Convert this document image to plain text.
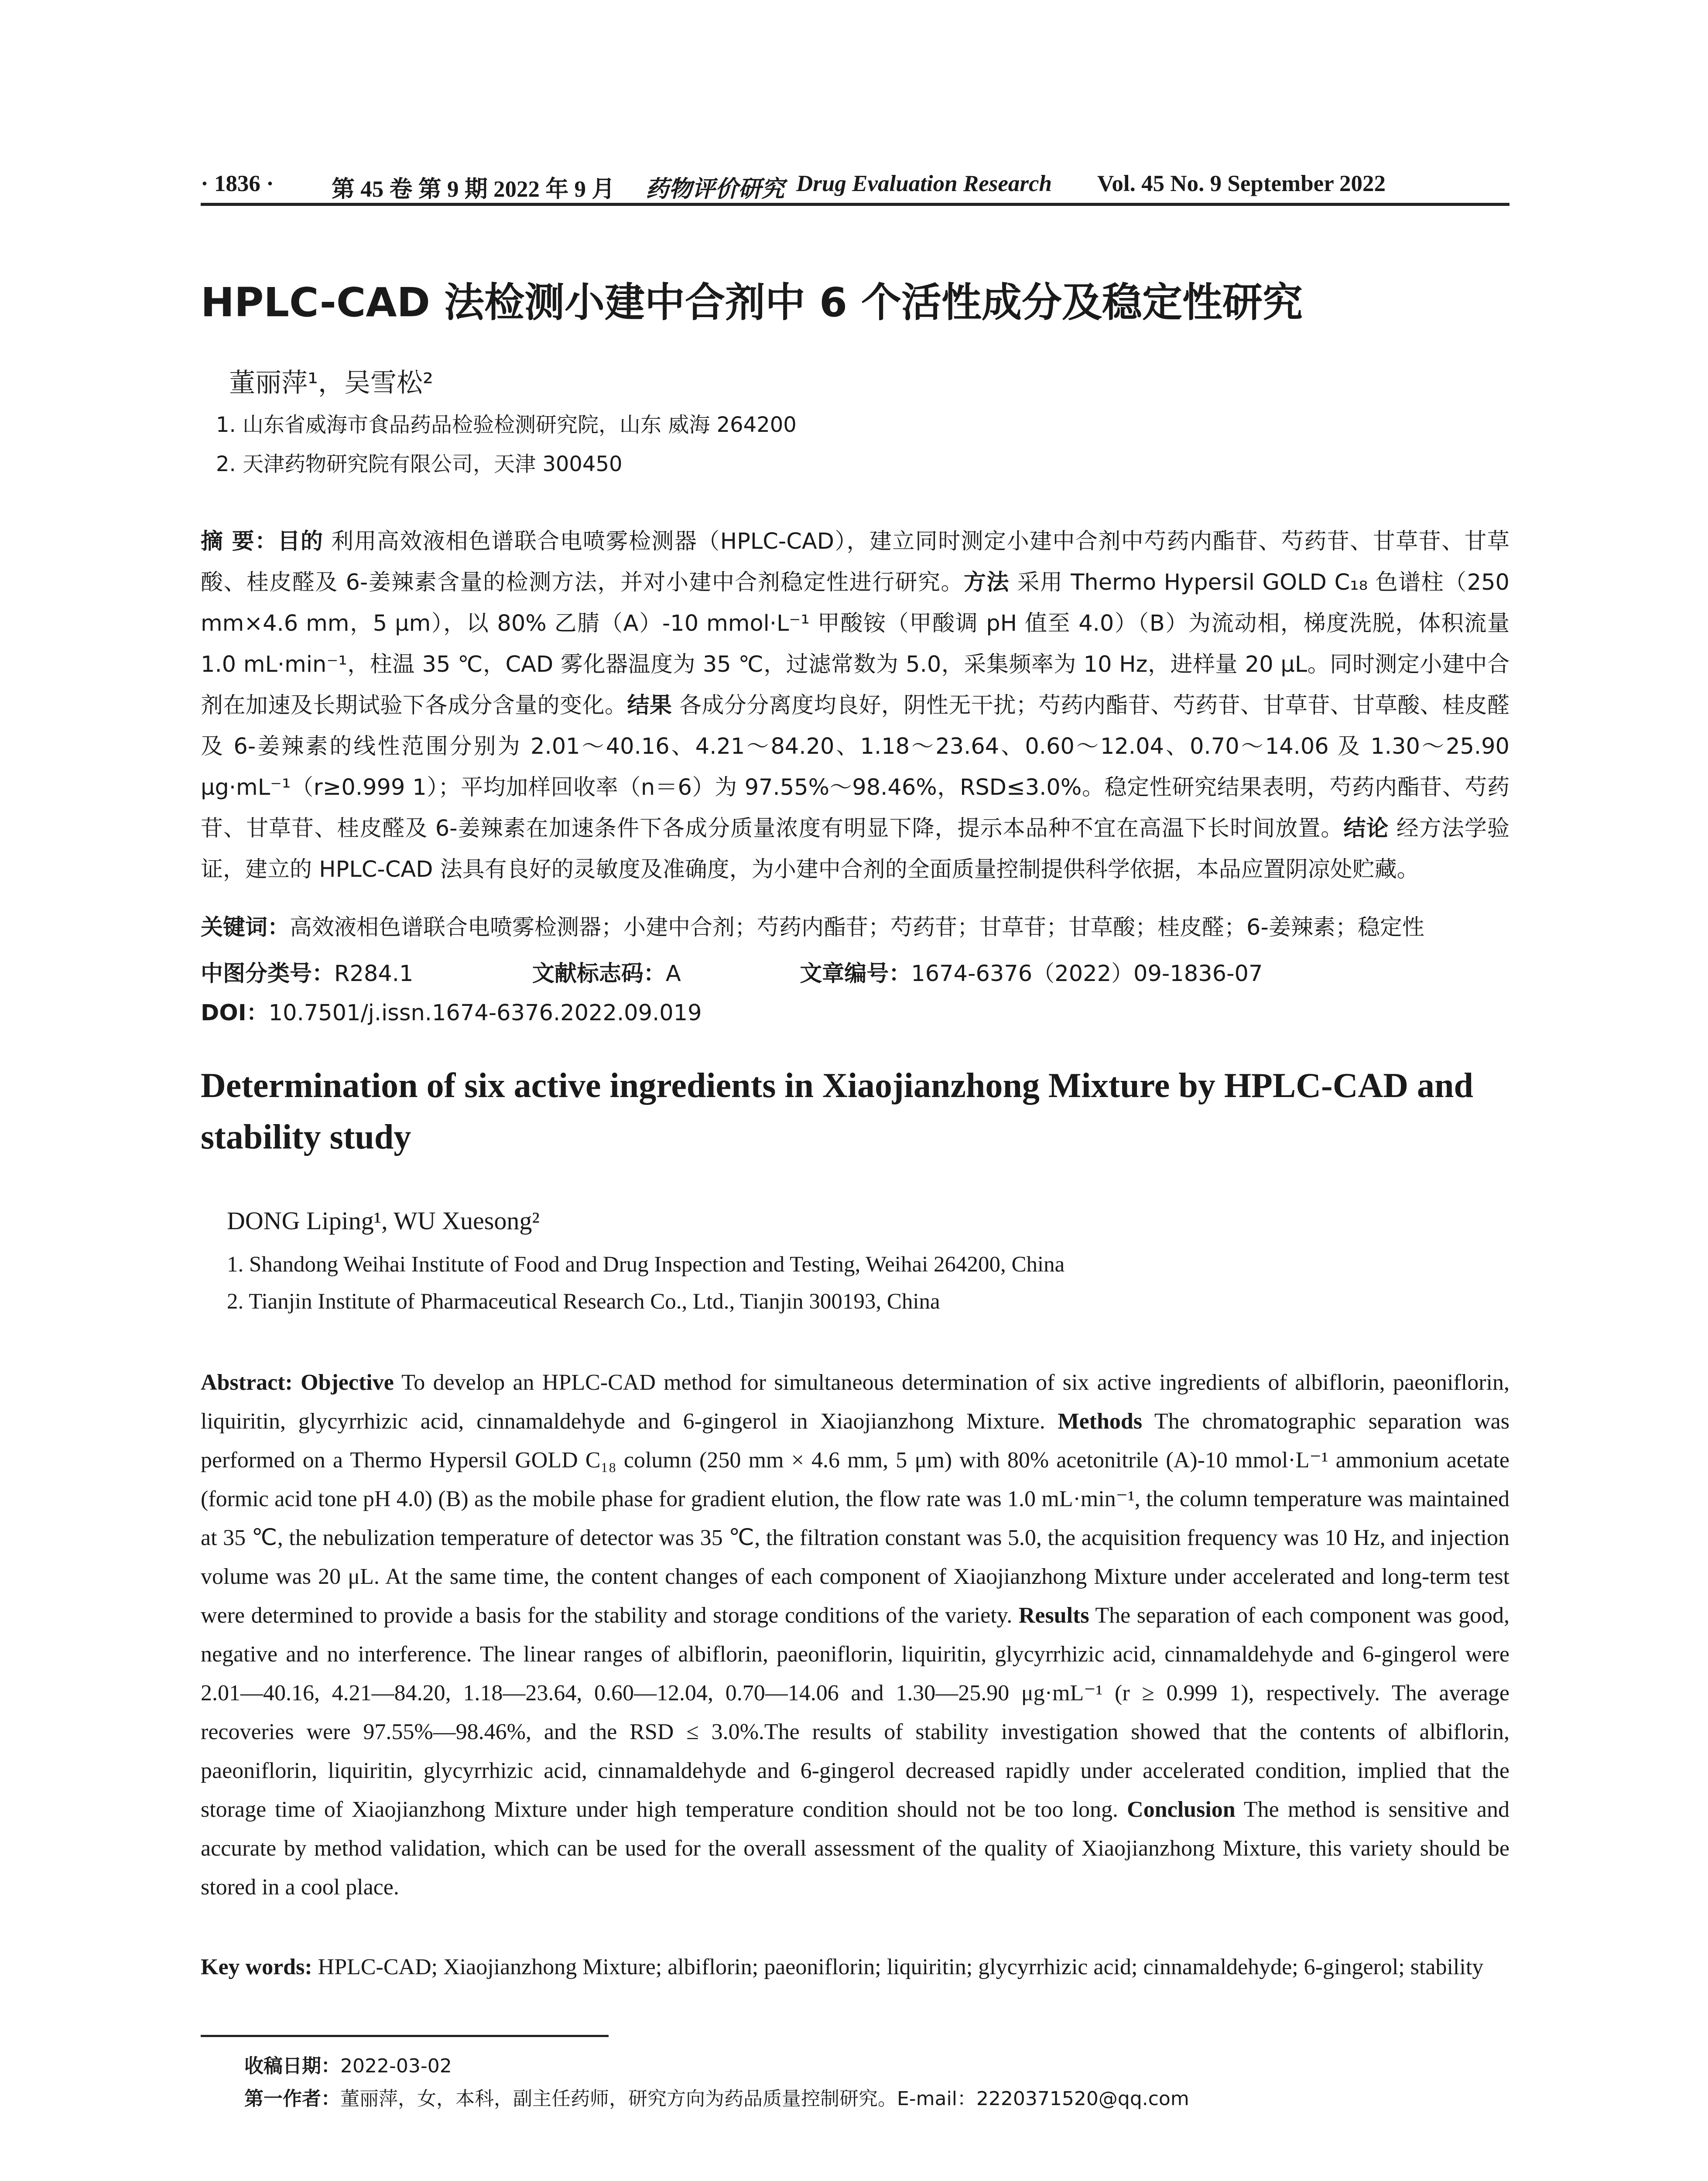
· 1836 · 第 45 卷 第 9 期 2022 年 9 月 药物评价研究 Drug Evaluation Research Vol. 45 No. 9 September 2022
HPLC-CAD 法检测小建中合剂中 6 个活性成分及稳定性研究
董丽萍¹，吴雪松²
1. 山东省威海市食品药品检验检测研究院，山东 威海 264200
2. 天津药物研究院有限公司，天津 300450
摘 要：目的 利用高效液相色谱联合电喷雾检测器（HPLC-CAD），建立同时测定小建中合剂中芍药内酯苷、芍药苷、甘草苷、甘草酸、桂皮醛及 6-姜辣素含量的检测方法，并对小建中合剂稳定性进行研究。方法 采用 Thermo Hypersil GOLD C₁₈ 色谱柱（250 mm×4.6 mm，5 μm），以 80% 乙腈（A）-10 mmol·L⁻¹ 甲酸铵（甲酸调 pH 值至 4.0）（B）为流动相，梯度洗脱，体积流量 1.0 mL·min⁻¹，柱温 35 ℃，CAD 雾化器温度为 35 ℃，过滤常数为 5.0，采集频率为 10 Hz，进样量 20 μL。同时测定小建中合剂在加速及长期试验下各成分含量的变化。结果 各成分分离度均良好，阴性无干扰；芍药内酯苷、芍药苷、甘草苷、甘草酸、桂皮醛及 6-姜辣素的线性范围分别为 2.01～40.16、4.21～84.20、1.18～23.64、0.60～12.04、0.70～14.06 及 1.30～25.90 μg·mL⁻¹（r≥0.999 1）；平均加样回收率（n＝6）为 97.55%～98.46%，RSD≤3.0%。稳定性研究结果表明，芍药内酯苷、芍药苷、甘草苷、桂皮醛及 6-姜辣素在加速条件下各成分质量浓度有明显下降，提示本品种不宜在高温下长时间放置。结论 经方法学验证，建立的 HPLC-CAD 法具有良好的灵敏度及准确度，为小建中合剂的全面质量控制提供科学依据，本品应置阴凉处贮藏。
关键词：高效液相色谱联合电喷雾检测器；小建中合剂；芍药内酯苷；芍药苷；甘草苷；甘草酸；桂皮醛；6-姜辣素；稳定性
中图分类号：R284.1	文献标志码：A	文章编号：1674-6376（2022）09-1836-07
DOI：10.7501/j.issn.1674-6376.2022.09.019
Determination of six active ingredients in Xiaojianzhong Mixture by HPLC-CAD and stability study
DONG Liping¹, WU Xuesong²
1. Shandong Weihai Institute of Food and Drug Inspection and Testing, Weihai 264200, China
2. Tianjin Institute of Pharmaceutical Research Co., Ltd., Tianjin 300193, China
Abstract: Objective To develop an HPLC-CAD method for simultaneous determination of six active ingredients of albiflorin, paeoniflorin, liquiritin, glycyrrhizic acid, cinnamaldehyde and 6-gingerol in Xiaojianzhong Mixture. Methods The chromatographic separation was performed on a Thermo Hypersil GOLD C₁₈ column (250 mm × 4.6 mm, 5 μm) with 80% acetonitrile (A)-10 mmol·L⁻¹ ammonium acetate (formic acid tone pH 4.0) (B) as the mobile phase for gradient elution, the flow rate was 1.0 mL·min⁻¹, the column temperature was maintained at 35 ℃, the nebulization temperature of detector was 35 ℃, the filtration constant was 5.0, the acquisition frequency was 10 Hz, and injection volume was 20 μL. At the same time, the content changes of each component of Xiaojianzhong Mixture under accelerated and long-term test were determined to provide a basis for the stability and storage conditions of the variety. Results The separation of each component was good, negative and no interference. The linear ranges of albiflorin, paeoniflorin, liquiritin, glycyrrhizic acid, cinnamaldehyde and 6-gingerol were 2.01—40.16, 4.21—84.20, 1.18—23.64, 0.60—12.04, 0.70—14.06 and 1.30—25.90 μg·mL⁻¹ (r ≥ 0.999 1), respectively. The average recoveries were 97.55%—98.46%, and the RSD ≤ 3.0%.The results of stability investigation showed that the contents of albiflorin, paeoniflorin, liquiritin, glycyrrhizic acid, cinnamaldehyde and 6-gingerol decreased rapidly under accelerated condition, implied that the storage time of Xiaojianzhong Mixture under high temperature condition should not be too long. Conclusion The method is sensitive and accurate by method validation, which can be used for the overall assessment of the quality of Xiaojianzhong Mixture, this variety should be stored in a cool place.
Key words: HPLC-CAD; Xiaojianzhong Mixture; albiflorin; paeoniflorin; liquiritin; glycyrrhizic acid; cinnamaldehyde; 6-gingerol; stability
收稿日期：2022-03-02
第一作者：董丽萍，女，本科，副主任药师，研究方向为药品质量控制研究。E-mail：2220371520@qq.com
